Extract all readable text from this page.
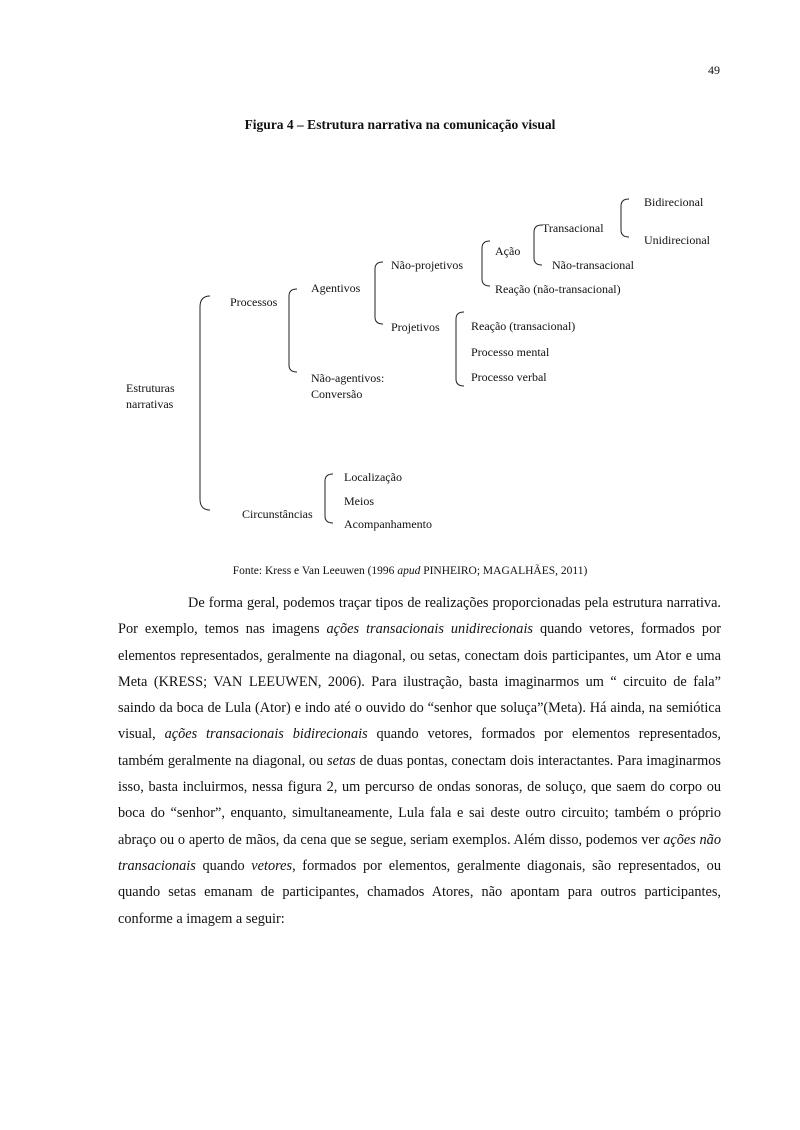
49
Figura 4 – Estrutura narrativa na comunicação visual
Estruturas
narrativas
Processos
Agentivos
Não-projetivos
Ação
Transacional
Bidirecional
Unidirecional
Não-transacional
Reação (não-transacional)
Projetivos	Reação (transacional)
Processo mental
Processo verbal
Não-agentivos:
Conversão
Circunstâncias
Localização
Meios
Acompanhamento
Fonte: Kress e Van Leeuwen (1996 apud PINHEIRO; MAGALHÃES, 2011)

De forma geral, podemos traçar tipos de realizações proporcionadas pela estrutura narrativa. Por exemplo, temos nas imagens ações transacionais unidirecionais quando vetores, formados por elementos representados, geralmente na diagonal, ou setas, conectam dois participantes, um Ator e uma Meta (KRESS; VAN LEEUWEN, 2006). Para ilustração, basta imaginarmos um “ circuito de fala” saindo da boca de Lula (Ator) e indo até o ouvido do “senhor que soluça”(Meta). Há ainda, na semiótica visual, ações transacionais bidirecionais quando vetores, formados por elementos representados, também geralmente na diagonal, ou setas de duas pontas, conectam dois interactantes. Para imaginarmos isso, basta incluirmos, nessa figura 2, um percurso de ondas sonoras, de soluço, que saem do corpo ou boca do “senhor”, enquanto, simultaneamente, Lula fala e sai deste outro circuito; também o próprio abraço ou o aperto de mãos, da cena que se segue, seriam exemplos. Além disso, podemos ver ações não transacionais quando vetores, formados por elementos, geralmente diagonais, são representados, ou quando setas emanam de participantes, chamados Atores, não apontam para outros participantes, conforme a imagem a seguir:
